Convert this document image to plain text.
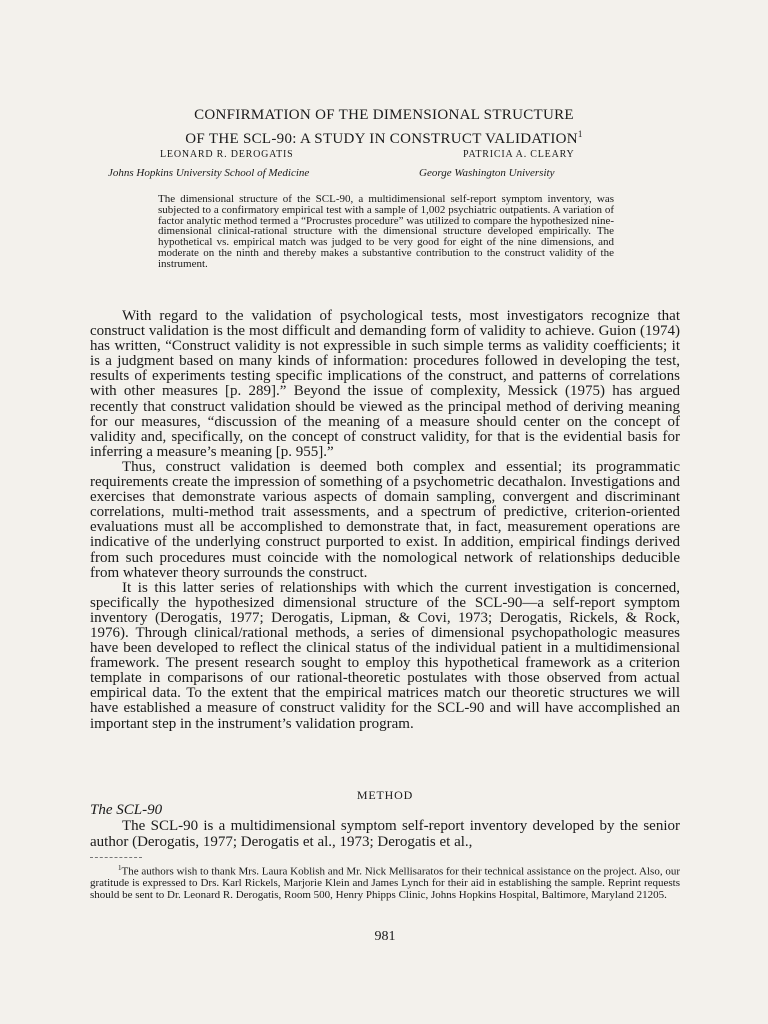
CONFIRMATION OF THE DIMENSIONAL STRUCTURE
OF THE SCL-90: A STUDY IN CONSTRUCT VALIDATION$^1$
LEONARD R. DEROGATIS	PATRICIA A. CLEARY
Johns Hopkins University School of Medicine	George Washington University
The dimensional structure of the SCL-90, a multidimensional self-report symptom inventory, was subjected to a confirmatory empirical test with a sample of 1,002 psychiatric outpatients. A variation of factor analytic method termed a “Procrustes procedure” was utilized to compare the hypothesized nine-dimensional clinical-rational structure with the dimensional structure developed empirically. The hypothetical vs. empirical match was judged to be very good for eight of the nine dimensions, and moderate on the ninth and thereby makes a substantive contribution to the construct validity of the instrument.

With regard to the validation of psychological tests, most investigators recognize that construct validation is the most difficult and demanding form of validity to achieve. Guion (1974) has written, “Construct validity is not expressible in such simple terms as validity coefficients; it is a judgment based on many kinds of information: procedures followed in developing the test, results of experiments testing specific implications of the construct, and patterns of correlations with other measures [p. 289].” Beyond the issue of complexity, Messick (1975) has argued recently that construct validation should be viewed as the principal method of deriving meaning for our measures, “discussion of the meaning of a measure should center on the concept of validity and, specifically, on the concept of construct validity, for that is the evidential basis for inferring a measure’s meaning [p. 955].”

Thus, construct validation is deemed both complex and essential; its programmatic requirements create the impression of something of a psychometric decathalon. Investigations and exercises that demonstrate various aspects of domain sampling, convergent and discriminant correlations, multi-method trait assessments, and a spectrum of predictive, criterion-oriented evaluations must all be accomplished to demonstrate that, in fact, measurement operations are indicative of the underlying construct purported to exist. In addition, empirical findings derived from such procedures must coincide with the nomological network of relationships deducible from whatever theory surrounds the construct.

It is this latter series of relationships with which the current investigation is concerned, specifically the hypothesized dimensional structure of the SCL-90—a self-report symptom inventory (Derogatis, 1977; Derogatis, Lipman, & Covi, 1973; Derogatis, Rickels, & Rock, 1976). Through clinical/rational methods, a series of dimensional psychopathologic measures have been developed to reflect the clinical status of the individual patient in a multidimensional framework. The present research sought to employ this hypothetical framework as a criterion template in comparisons of our rational-theoretic postulates with those observed from actual empirical data. To the extent that the empirical matrices match our theoretic structures we will have established a measure of construct validity for the SCL-90 and will have accomplished an important step in the instrument’s validation program.

METHOD
The SCL-90

The SCL-90 is a multidimensional symptom self-report inventory developed by the senior author (Derogatis, 1977; Derogatis et al., 1973; Derogatis et al.,

$^1$The authors wish to thank Mrs. Laura Koblish and Mr. Nick Mellisaratos for their technical assistance on the project. Also, our gratitude is expressed to Drs. Karl Rickels, Marjorie Klein and James Lynch for their aid in establishing the sample. Reprint requests should be sent to Dr. Leonard R. Derogatis, Room 500, Henry Phipps Clinic, Johns Hopkins Hospital, Baltimore, Maryland 21205.
981
